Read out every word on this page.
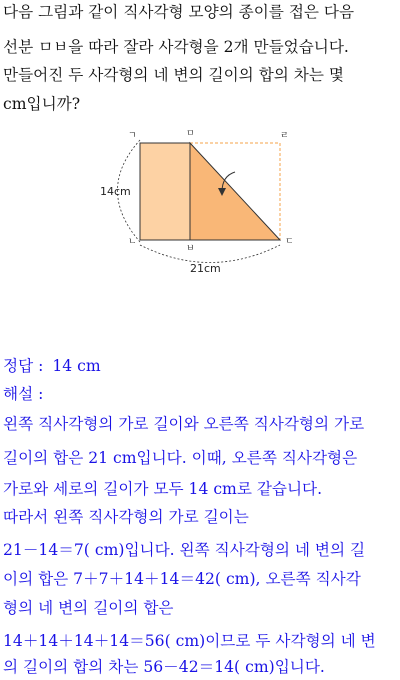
다음 그림과 같이 직사각형 모양의 종이를 접은 다음
선분 ㅁㅂ을 따라 잘라 사각형을 2개 만들었습니다.
만들어진 두 사각형의 네 변의 길이의 합의 차는 몇
cm입니까?
ㄱ	ㅁ	ㄹ
ㄴ
ㅂ
ㄷ
14cm
21cm
정답 : 14 cm
해설 :
왼쪽 직사각형의 가로 길이와 오른쪽 직사각형의 가로
길이의 합은 21 cm입니다. 이때, 오른쪽 직사각형은
가로와 세로의 길이가 모두 14 cm로 같습니다.
따라서 왼쪽 직사각형의 가로 길이는
21－14＝7( cm)입니다. 왼쪽 직사각형의 네 변의 길
이의 합은 7＋7＋14＋14＝42( cm), 오른쪽 직사각
형의 네 변의 길이의 합은
14＋14＋14＋14＝56( cm)이므로 두 사각형의 네 변
의 길이의 합의 차는 56－42＝14( cm)입니다.
